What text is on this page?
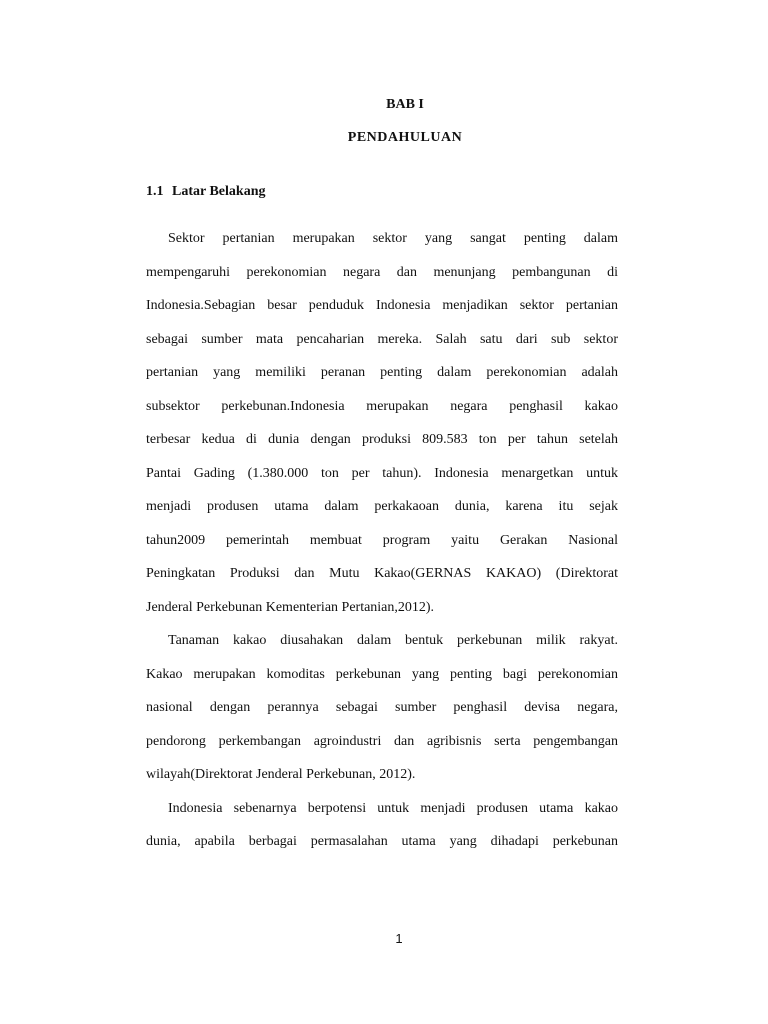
BAB I
PENDAHULUAN
1.1 Latar Belakang
Sektor pertanian merupakan sektor yang sangat penting dalam
mempengaruhi perekonomian negara dan menunjang pembangunan di
Indonesia.Sebagian besar penduduk Indonesia menjadikan sektor pertanian
sebagai sumber mata pencaharian mereka. Salah satu dari sub sektor
pertanian yang memiliki peranan penting dalam perekonomian adalah
subsektor perkebunan.Indonesia merupakan negara penghasil kakao
terbesar kedua di dunia dengan produksi 809.583 ton per tahun setelah
Pantai Gading (1.380.000 ton per tahun). Indonesia menargetkan untuk
menjadi produsen utama dalam perkakaoan dunia, karena itu sejak
tahun2009 pemerintah membuat program yaitu Gerakan Nasional
Peningkatan Produksi dan Mutu Kakao(GERNAS KAKAO) (Direktorat
Jenderal Perkebunan Kementerian Pertanian,2012).
Tanaman kakao diusahakan dalam bentuk perkebunan milik rakyat.
Kakao merupakan komoditas perkebunan yang penting bagi perekonomian
nasional dengan perannya sebagai sumber penghasil devisa negara,
pendorong perkembangan agroindustri dan agribisnis serta pengembangan
wilayah(Direktorat Jenderal Perkebunan, 2012).
Indonesia sebenarnya berpotensi untuk menjadi produsen utama kakao
dunia, apabila berbagai permasalahan utama yang dihadapi perkebunan
1
